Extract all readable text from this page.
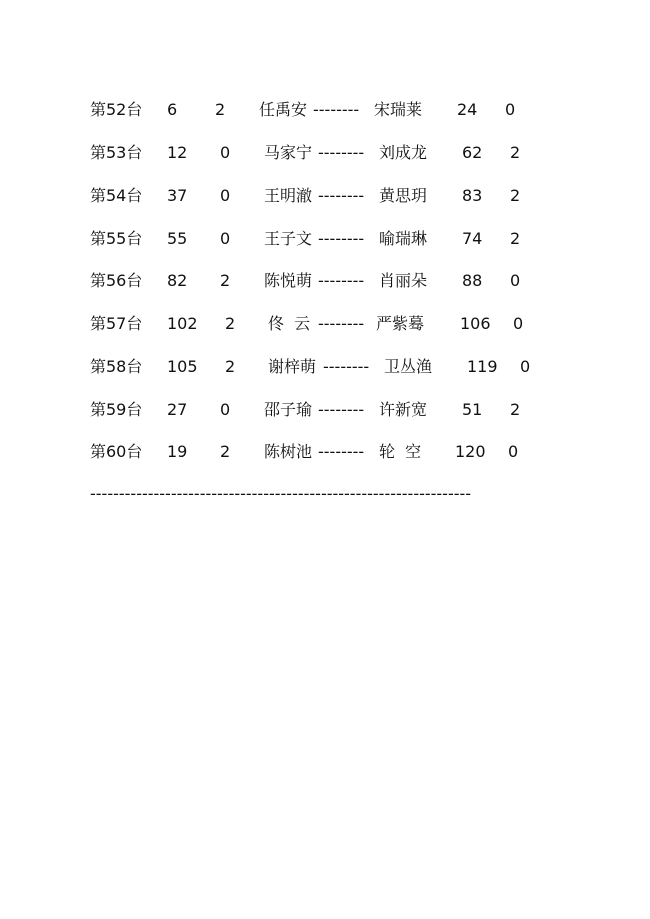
第52台 6 2 任禹安 -------- 宋瑞莱 24 0
第53台 12 0 马家宁 -------- 刘成龙 62 2
第54台 37 0 王明澈 -------- 黄思玥 83 2
第55台 55 0 王子文 -------- 喻瑞琳 74 2
第56台 82 2 陈悦萌 -------- 肖丽朵 88 0
第57台 102 2 佟  云 -------- 严紫蓦 106 0
第58台 105 2 谢梓萌 -------- 卫丛渔 119 0
第59台 27 0 邵子瑜 -------- 许新宽 51 2
第60台 19 2 陈树池 -------- 轮  空 120 0
------------------------------------------------------------------
